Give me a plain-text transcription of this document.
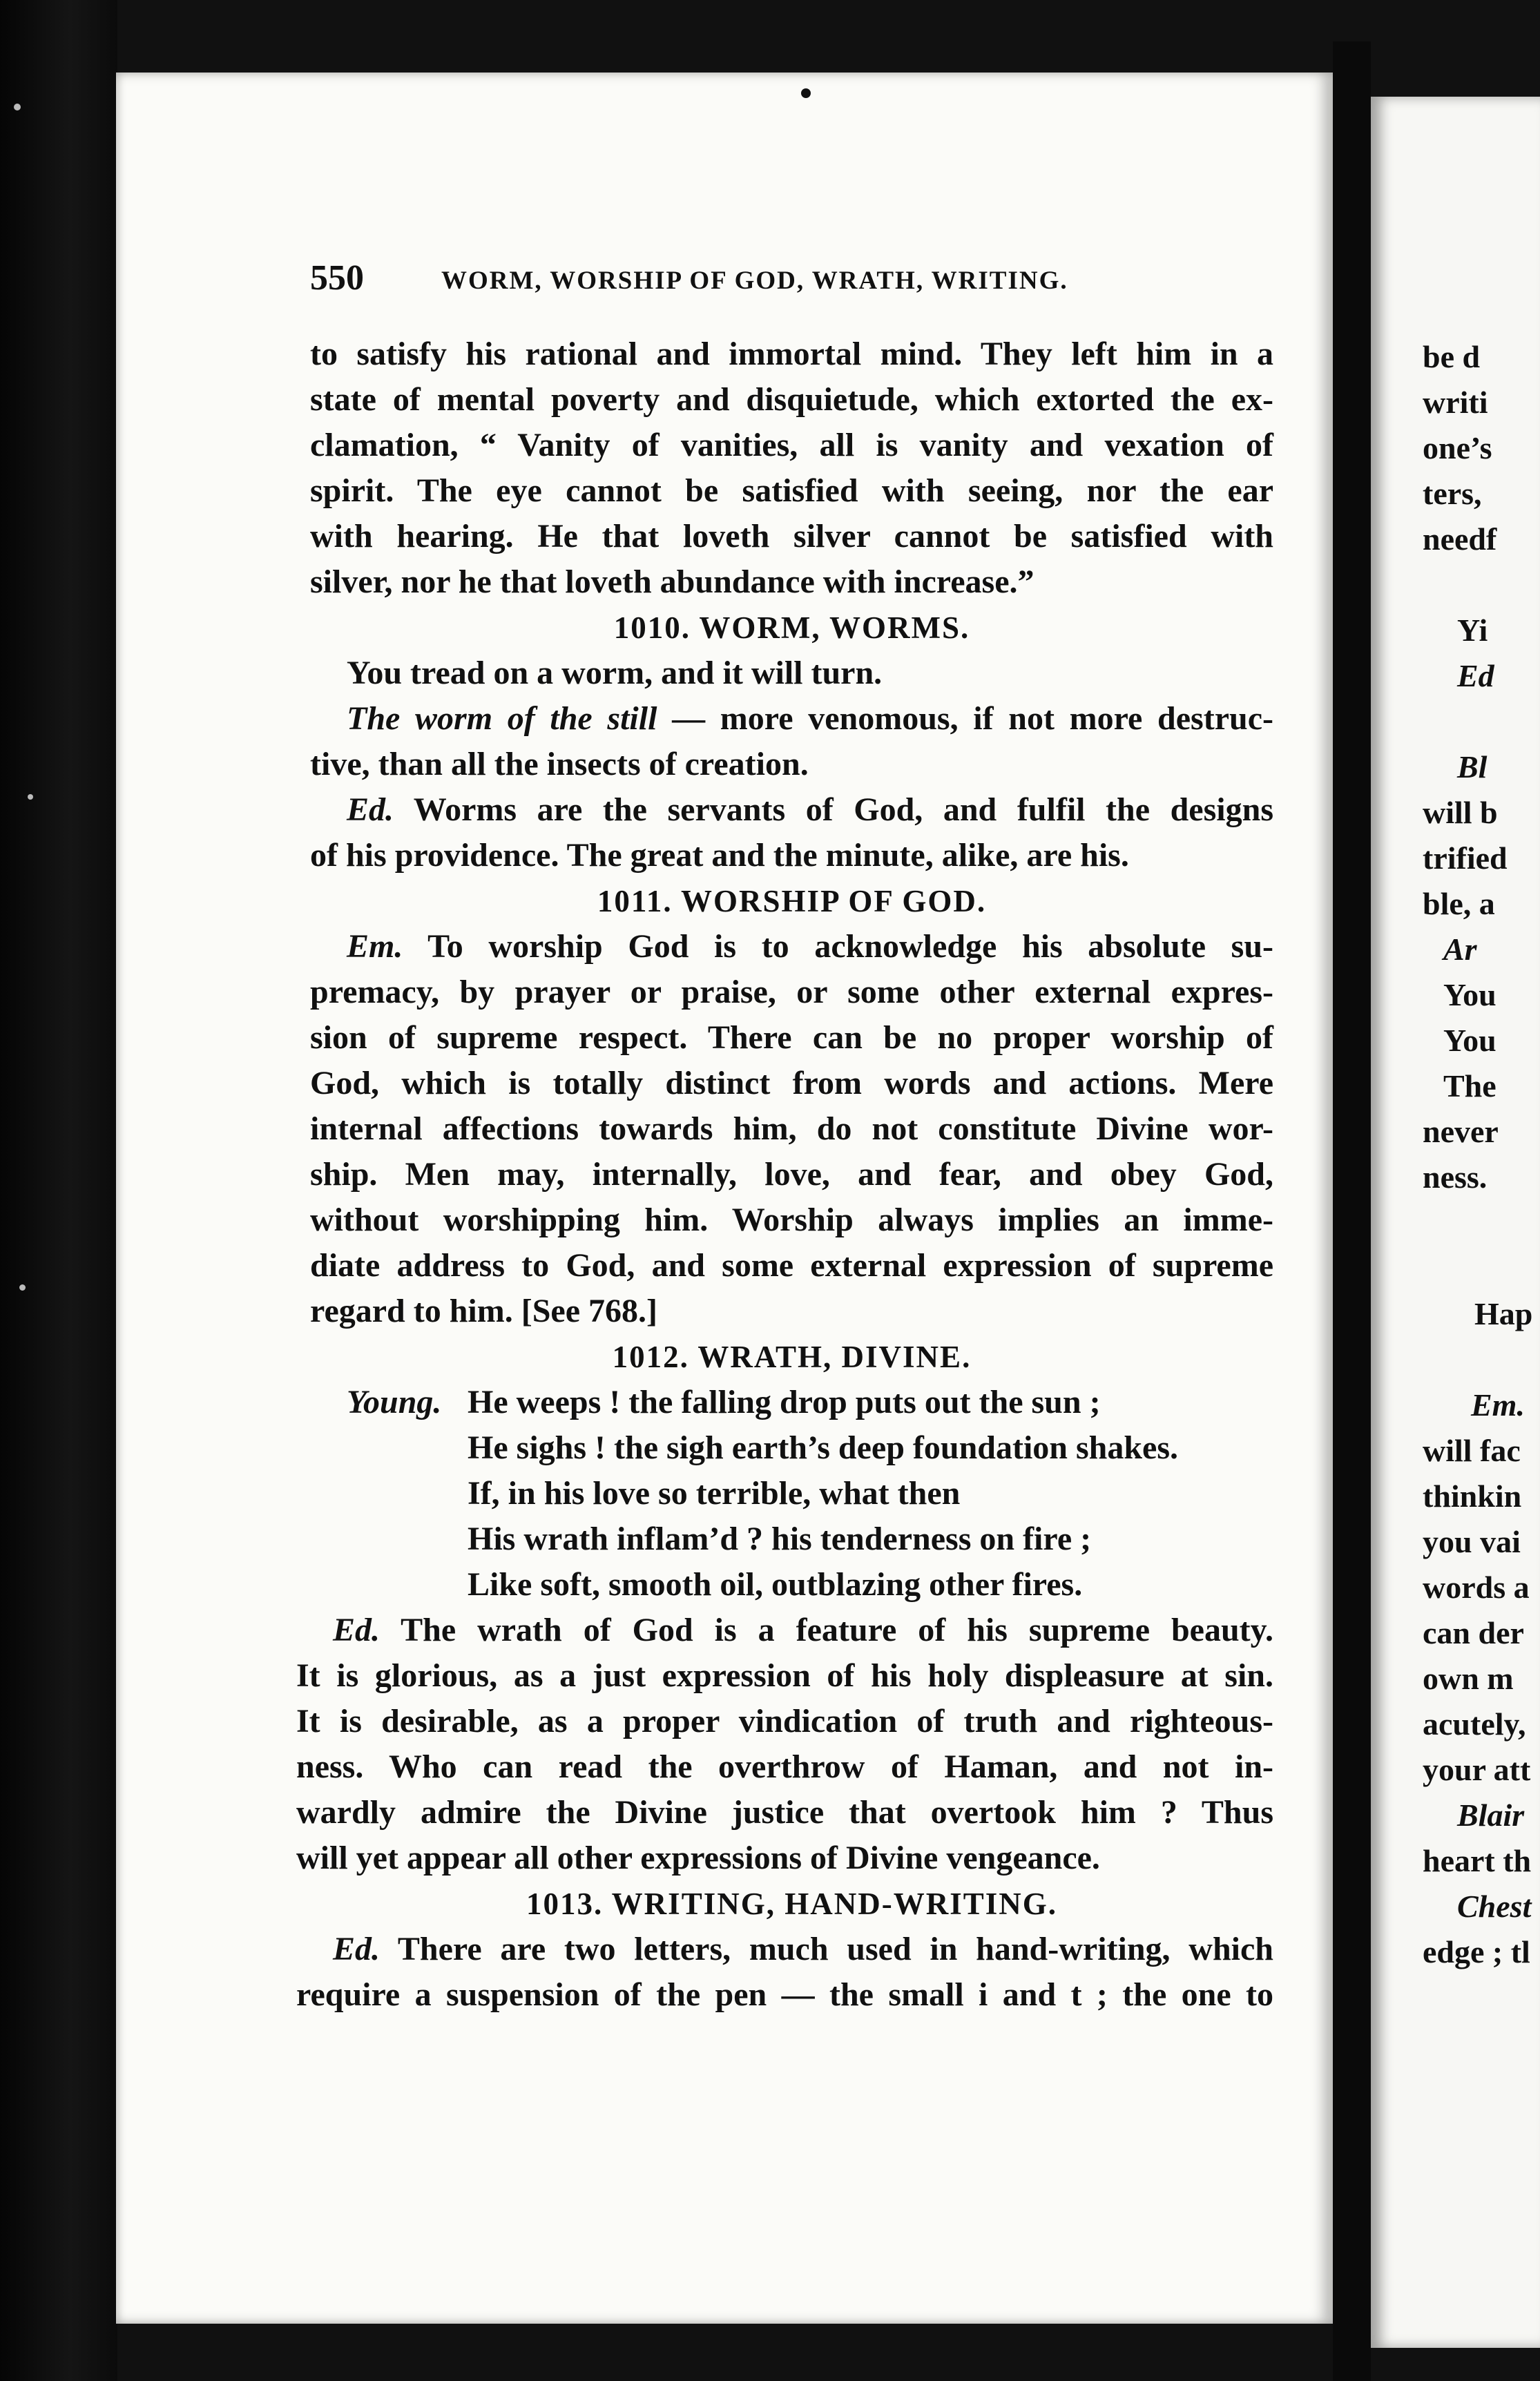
550	WORM, WORSHIP OF GOD, WRATH, WRITING.
to satisfy his rational and immortal mind. They left him in a
state of mental poverty and disquietude, which extorted the ex-
clamation, “ Vanity of vanities, all is vanity and vexation of
spirit. The eye cannot be satisfied with seeing, nor the ear
with hearing. He that loveth silver cannot be satisfied with
silver, nor he that loveth abundance with increase.”
1010. WORM, WORMS.
You tread on a worm, and it will turn.
The worm of the still — more venomous, if not more destruc-
tive, than all the insects of creation.
Ed. Worms are the servants of God, and fulfil the designs
of his providence. The great and the minute, alike, are his.
1011. WORSHIP OF GOD.
Em. To worship God is to acknowledge his absolute su-
premacy, by prayer or praise, or some other external expres-
sion of supreme respect. There can be no proper worship of
God, which is totally distinct from words and actions. Mere
internal affections towards him, do not constitute Divine wor-
ship. Men may, internally, love, and fear, and obey God,
without worshipping him. Worship always implies an imme-
diate address to God, and some external expression of supreme
regard to him. [See 768.]
1012. WRATH, DIVINE.
Young. He weeps ! the falling drop puts out the sun ;
He sighs ! the sigh earth’s deep foundation shakes.
If, in his love so terrible, what then
His wrath inflam’d ? his tenderness on fire ;
Like soft, smooth oil, outblazing other fires.
Ed. The wrath of God is a feature of his supreme beauty.
It is glorious, as a just expression of his holy displeasure at sin.
It is desirable, as a proper vindication of truth and righteous-
ness. Who can read the overthrow of Haman, and not in-
wardly admire the Divine justice that overtook him ? Thus
will yet appear all other expressions of Divine vengeance.
1013. WRITING, HAND-WRITING.
Ed. There are two letters, much used in hand-writing, which
require a suspension of the pen — the small i and t ; the one to
be d
writi
one’s
ters,
needf
Yi
Ed
Bl
will b
trified
ble, a
Ar
You
You
The
never
ness.
Hap
Em.
will fac
thinkin
you vai
words a
can der
own m
acutely,
your att
Blair
heart th
Chest
edge ; tl
